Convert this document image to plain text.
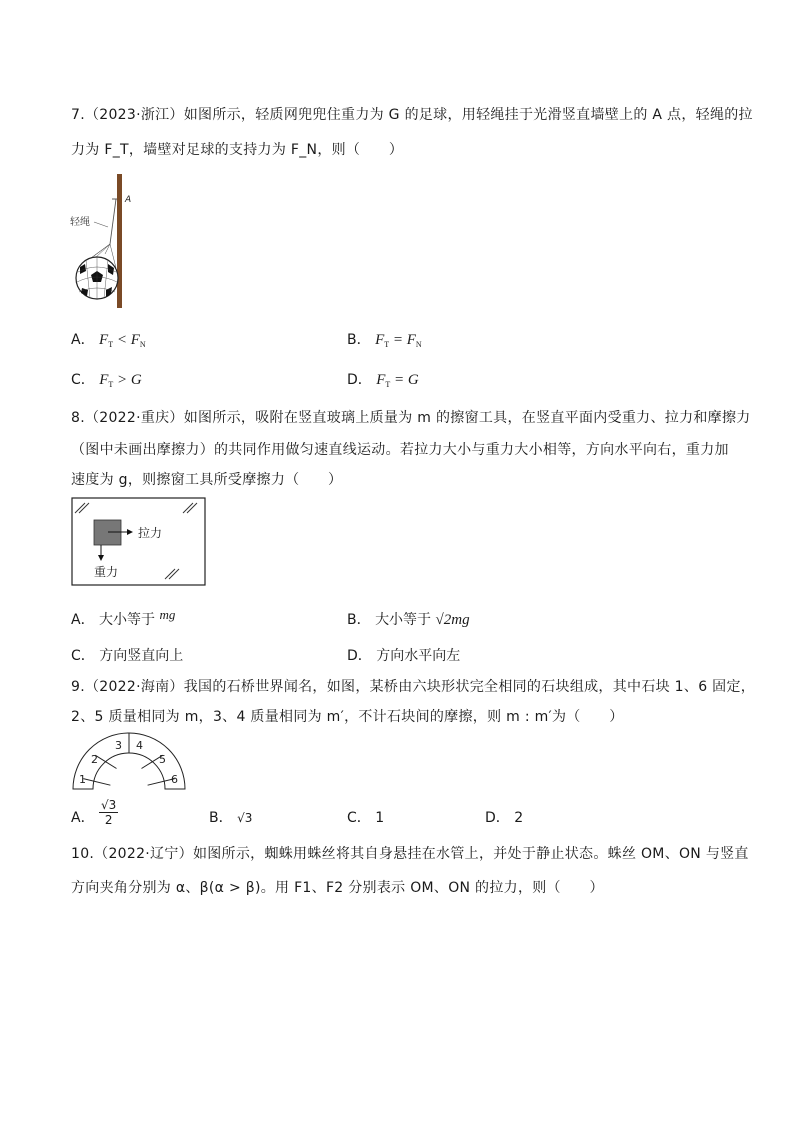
7.（2023·浙江）如图所示，轻质网兜兜住重力为 G 的足球，用轻绳挂于光滑竖直墙壁上的 A 点，轻绳的拉
力为 F_T，墙壁对足球的支持力为 F_N，则（　　）
A
轻绳
A． $F_T < F_N$	B． $F_T = F_N$
C． $F_T > G$	D． $F_T = G$
8.（2022·重庆）如图所示，吸附在竖直玻璃上质量为 m 的擦窗工具，在竖直平面内受重力、拉力和摩擦力
（图中未画出摩擦力）的共同作用做匀速直线运动。若拉力大小与重力大小相等，方向水平向右，重力加
速度为 g，则擦窗工具所受摩擦力（　　）
拉力
重力
A． 大小等于 mg	B． 大小等于 √2mg
C． 方向竖直向上	D． 方向水平向左
9.（2022·海南）我国的石桥世界闻名，如图，某桥由六块形状完全相同的石块组成，其中石块 1、6 固定，
2、5 质量相同为 m，3、4 质量相同为 m′，不计石块间的摩擦，则 m : m′为（　　）
1
2
3 4
5
6
A． $\frac{√3}{2}$	B． √3	C． 1	D． 2
10.（2022·辽宁）如图所示，蜘蛛用蛛丝将其自身悬挂在水管上，并处于静止状态。蛛丝 OM、ON 与竖直
方向夹角分别为 α、β(α > β)。用 F1、F2 分别表示 OM、ON 的拉力，则（　　）
